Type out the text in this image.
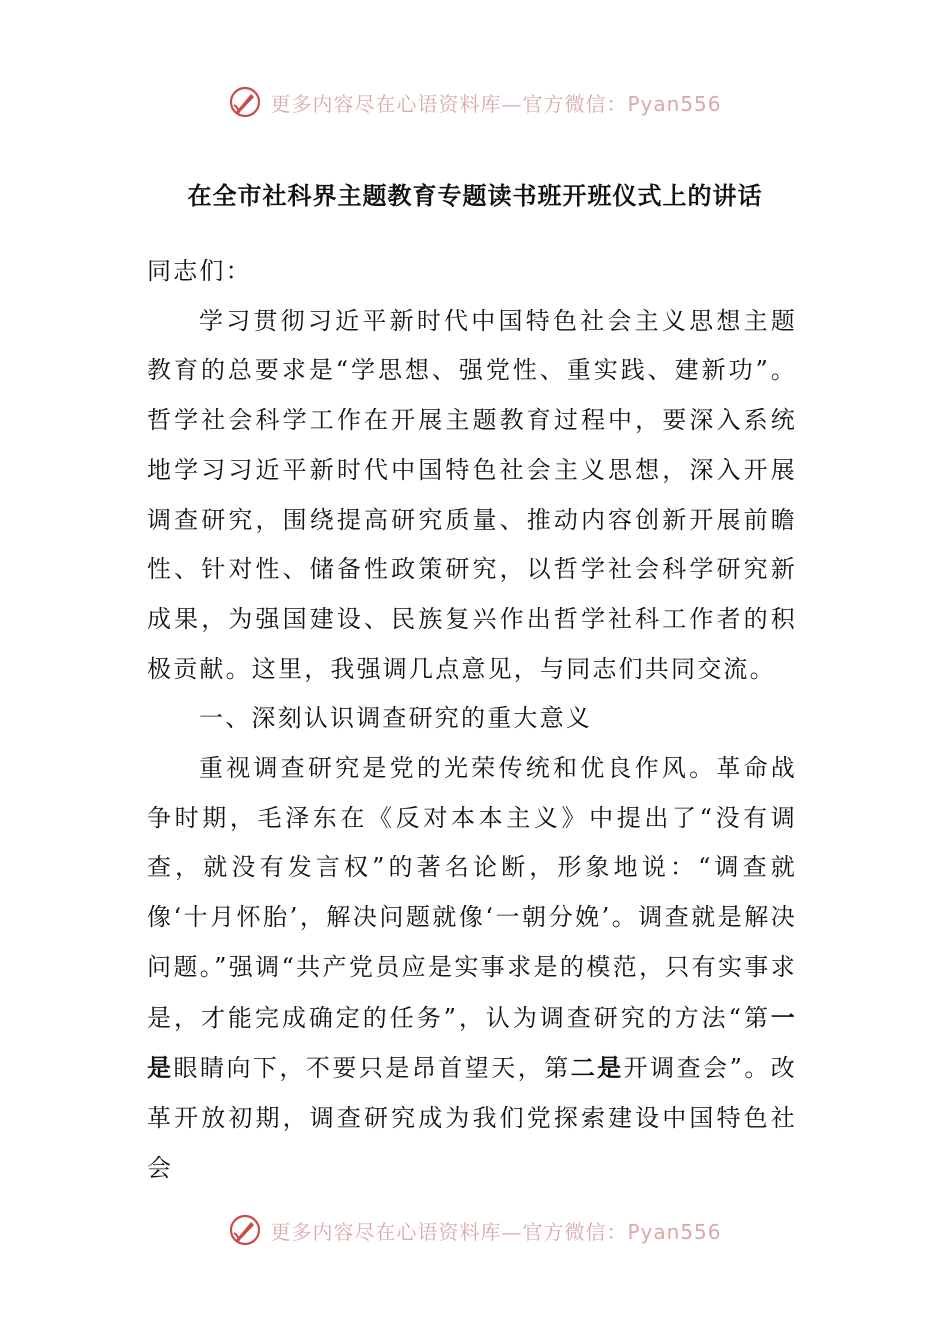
更多内容尽在心语资料库—官方微信：Pyan556
在全市社科界主题教育专题读书班开班仪式上的讲话

同志们：

学习贯彻习近平新时代中国特色社会主义思想主题教育的总要求是“学思想、强党性、重实践、建新功”。哲学社会科学工作在开展主题教育过程中，要深入系统地学习习近平新时代中国特色社会主义思想，深入开展调查研究，围绕提高研究质量、推动内容创新开展前瞻性、针对性、储备性政策研究，以哲学社会科学研究新成果，为强国建设、民族复兴作出哲学社科工作者的积极贡献。这里，我强调几点意见，与同志们共同交流。

一、深刻认识调查研究的重大意义

重视调查研究是党的光荣传统和优良作风。革命战争时期，毛泽东在《反对本本主义》中提出了“没有调查，就没有发言权”的著名论断，形象地说：“调查就像‘十月怀胎’，解决问题就像‘一朝分娩’。调查就是解决问题。”强调“共产党员应是实事求是的模范，只有实事求是，才能完成确定的任务”，认为调查研究的方法“第一是眼睛向下，不要只是昂首望天，第二是开调查会”。改革开放初期，调查研究成为我们党探索建设中国特色社会

更多内容尽在心语资料库—官方微信：Pyan556
